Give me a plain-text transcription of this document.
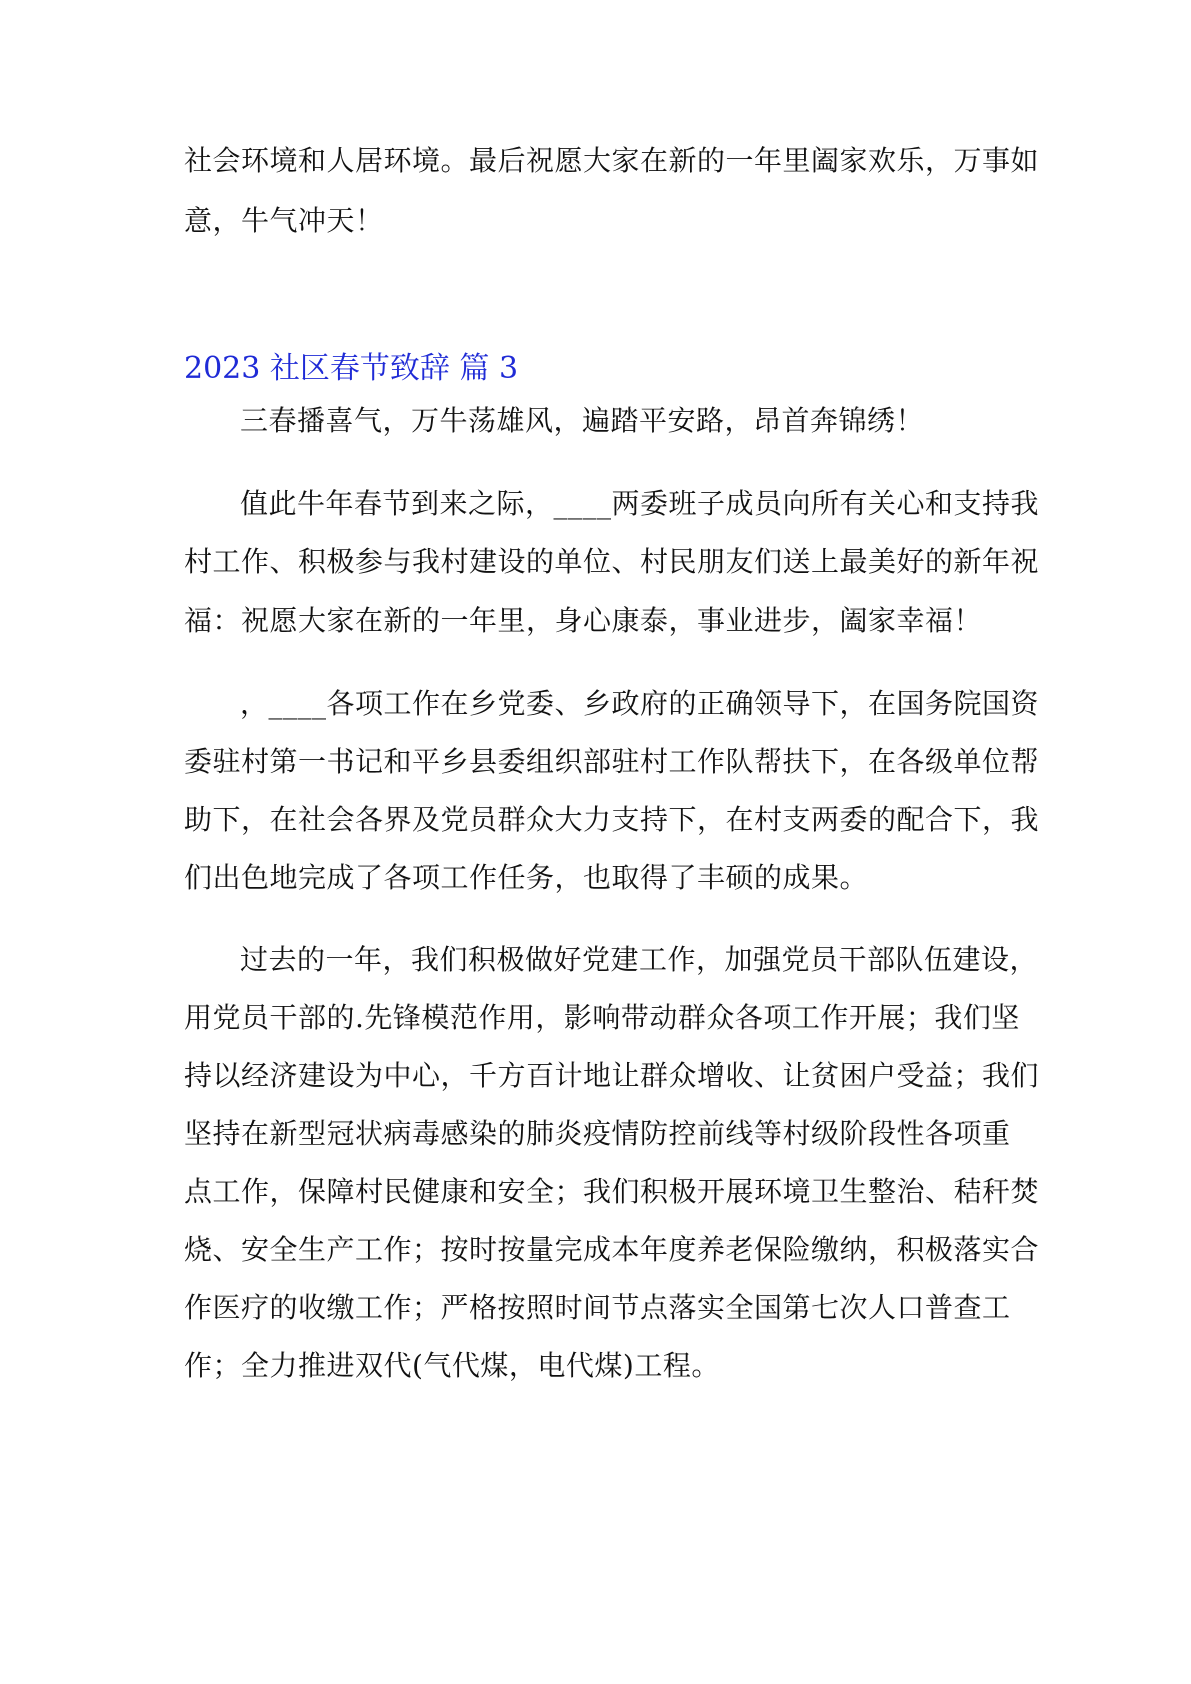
社会环境和人居环境。最后祝愿大家在新的一年里阖家欢乐，万事如
意，牛气冲天！
2023 社区春节致辞 篇 3
三春播喜气，万牛荡雄风，遍踏平安路，昂首奔锦绣！
值此牛年春节到来之际，____两委班子成员向所有关心和支持我
村工作、积极参与我村建设的单位、村民朋友们送上最美好的新年祝
福：祝愿大家在新的一年里，身心康泰，事业进步，阖家幸福！
，____各项工作在乡党委、乡政府的正确领导下，在国务院国资
委驻村第一书记和平乡县委组织部驻村工作队帮扶下，在各级单位帮
助下，在社会各界及党员群众大力支持下，在村支两委的配合下，我
们出色地完成了各项工作任务，也取得了丰硕的成果。
过去的一年，我们积极做好党建工作，加强党员干部队伍建设，
用党员干部的.先锋模范作用，影响带动群众各项工作开展；我们坚
持以经济建设为中心，千方百计地让群众增收、让贫困户受益；我们
坚持在新型冠状病毒感染的肺炎疫情防控前线等村级阶段性各项重
点工作，保障村民健康和安全；我们积极开展环境卫生整治、秸秆焚
烧、安全生产工作；按时按量完成本年度养老保险缴纳，积极落实合
作医疗的收缴工作；严格按照时间节点落实全国第七次人口普查工
作；全力推进双代(气代煤，电代煤)工程。
